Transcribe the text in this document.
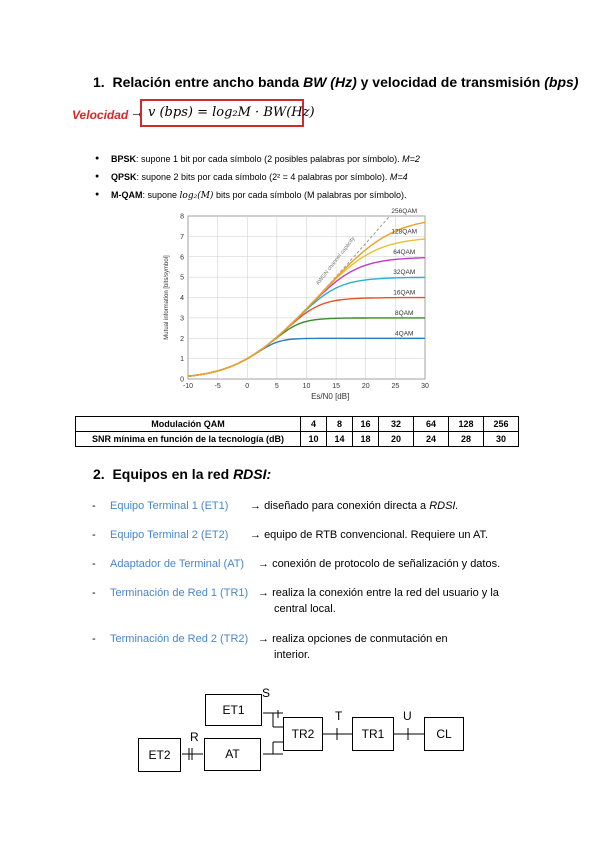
1. Relación entre ancho banda BW (Hz) y velocidad de transmisión (bps)
Velocidad → v (bps) = log₂M · BW(Hz)
● BPSK: supone 1 bit por cada símbolo (2 posibles palabras por símbolo). M=2
● QPSK: supone 2 bits por cada símbolo (2² = 4 palabras por símbolo). M=4
● M-QAM: supone log₂(M) bits por cada símbolo (M palabras por símbolo).
-10	-5	0	5	10	15	20	25	30
0
1
2
3
4
5
6
7
8
Es/N0 [dB]
Mutual information [bits/symbol]	AWGN channel capacity
4QAM
8QAM
16QAM
32QAM
64QAM
128QAM
256QAM
Modulación QAM	4	8	16	32	64	128	256
SNR mínima en función de la tecnología (dB)	10	14	18	20	24	28	30
2. Equipos en la red RDSI:
- Equipo Terminal 1 (ET1) → diseñado para conexión directa a RDSI.
- Equipo Terminal 2 (ET2) → equipo de RTB convencional. Requiere un AT.
- Adaptador de Terminal (AT) → conexión de protocolo de señalización y datos.
- Terminación de Red 1 (TR1) → realiza la conexión entre la red del usuario y la
central local.
- Terminación de Red 2 (TR2) → realiza opciones de conmutación en
interior.
ET1
ET2	AT
TR2	TR1	CL
S
R
T	U
